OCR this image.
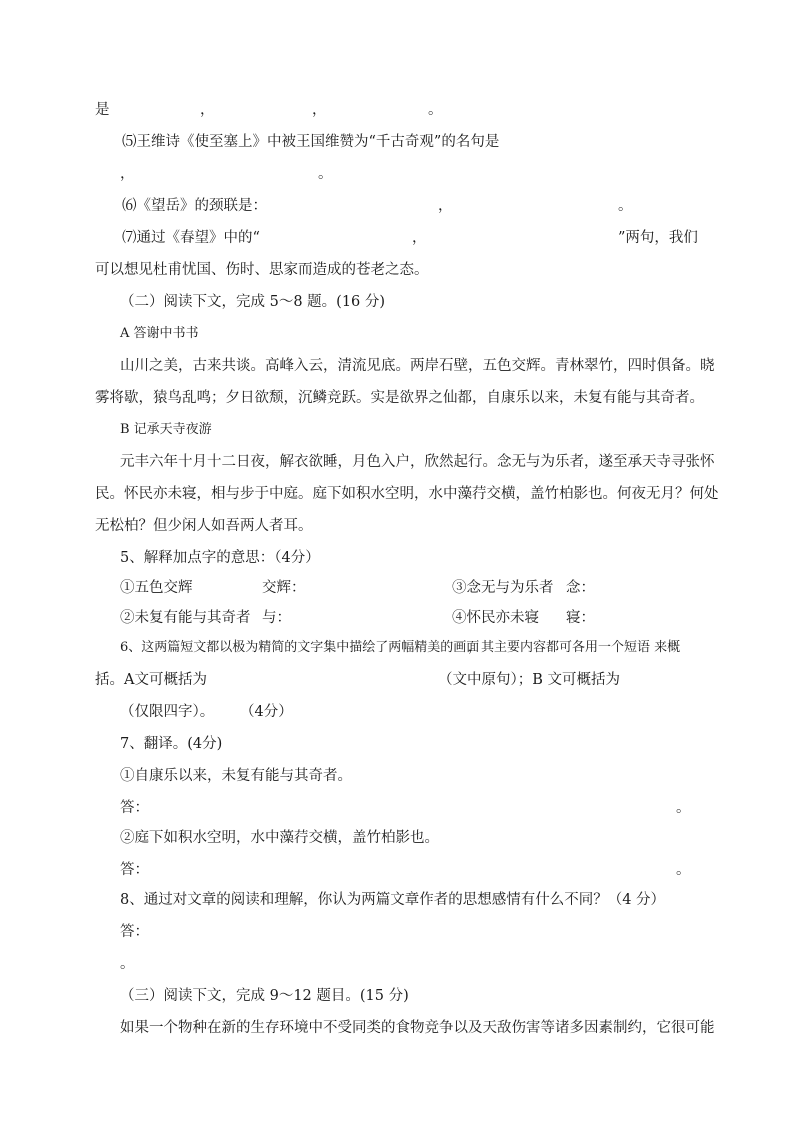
是	，	，	。
⑸王维诗《使至塞上》中被王国维赞为“千古奇观”的名句是
，	。
⑹《望岳》的颈联是：	，	。
⑺通过《春望》中的“	，	”两句，我们
可以想见杜甫忧国、伤时、思家而造成的苍老之态。
（二）阅读下文，完成 5～8 题。(16 分)
A 答谢中书书
山川之美，古来共谈。高峰入云，清流见底。两岸石壁，五色交辉。青林翠竹，四时俱备。晓
雾将歇，猿鸟乱鸣；夕日欲颓，沉鳞竞跃。实是欲界之仙都，自康乐以来，未复有能与其奇者。
B 记承天寺夜游
元丰六年十月十二日夜，解衣欲睡，月色入户，欣然起行。念无与为乐者，遂至承天寺寻张怀
民。怀民亦未寝，相与步于中庭。庭下如积水空明，水中藻荇交横，盖竹柏影也。何夜无月？何处
无松柏？但少闲人如吾两人者耳。
5、解释加点字的意思：（4分）
①五色交辉	交辉：	③念无与为乐者 念：
②未复有能与其奇者 与：	④怀民亦未寝 寝：
6、这两篇短文都以极为精简的文字集中描绘了两幅精美的画面
，其主要内容都可各用一个短语 来概
括。A文可概括为	（文中原句）；B 文可概括为
（仅限四字）。 （4分）
7、翻译。(4分)
①自康乐以来，未复有能与其奇者。
答：	。
②庭下如积水空明，水中藻荇交横，盖竹柏影也。
答：	。
8、通过对文章的阅读和理解，你认为两篇文章作者的思想感情有什么不同？（4 分）
答：
。
（三）阅读下文，完成 9～12 题目。(15 分)
如果一个物种在新的生存环境中不受同类的食物竞争以及天敌伤害等诸多因素制约，它很可能
